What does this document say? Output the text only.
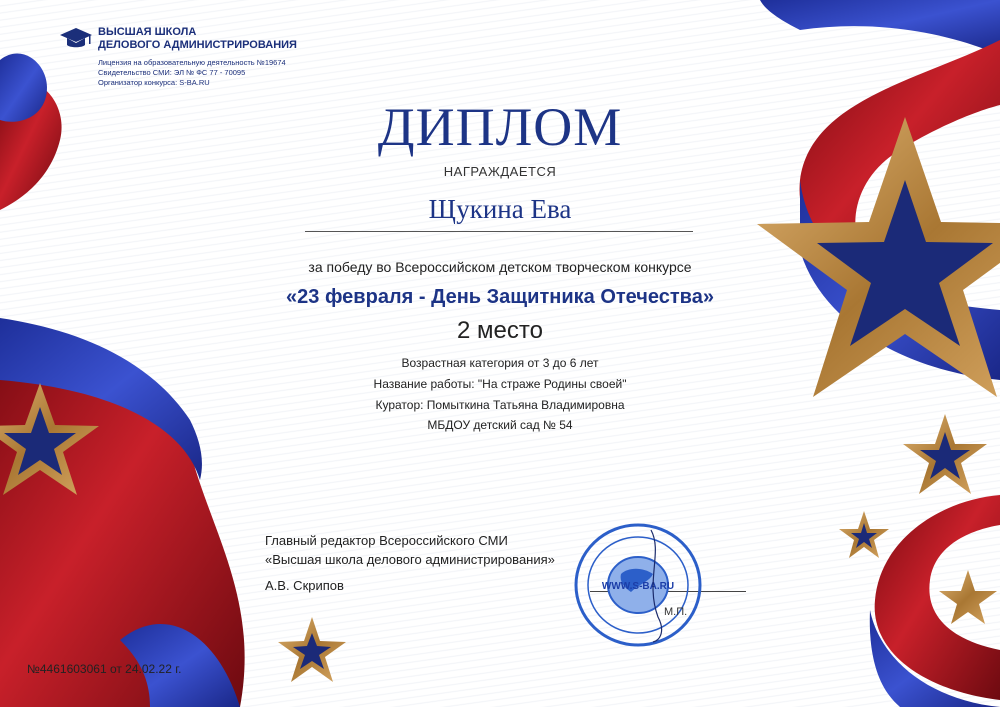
ВЫСШАЯ ШКОЛА
ДЕЛОВОГО АДМИНИСТРИРОВАНИЯ
Лицензия на образовательную деятельность №19674
Свидетельство СМИ: ЭЛ № ФС 77 - 70095
Организатор конкурса: S-BA.RU
ДИПЛОМ
НАГРАЖДАЕТСЯ
Щукина Ева
за победу во Всероссийском детском творческом конкурсе
«23 февраля - День Защитника Отечества»
2 место
Возрастная категория от 3 до 6 лет
Название работы: "На страже Родины своей"
Куратор: Помыткина Татьяна Владимировна
МБДОУ детский сад № 54
Главный редактор Всероссийского СМИ
«Высшая школа делового администрирования»
А.В. Скрипов	WWW.S-BA.RU
М.П.
№4461603061 от 24.02.22 г.
